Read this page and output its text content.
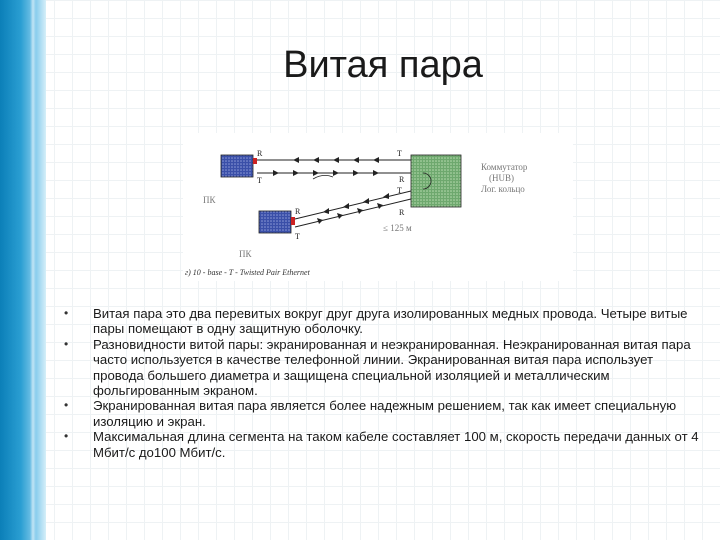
Витая пара
R
T
T
R
R
T
T
R
ПК
ПК
Коммутатор
(HUB)
Лог. кольцо
≤ 125 м
г) 10 - base - T - Twisted Pair Ethernet
• Витая пара это два перевитых вокруг друг друга изолированных медных провода. Четыре витые пары помещают в одну защитную оболочку.
• Разновидности витой пары: экранированная и неэкранированная. Неэкранированная витая пара часто используется в качестве телефонной линии. Экранированная витая пара использует провода большего диаметра и защищена специальной изоляцией и металлическим фольгированным экраном.
• Экранированная витая пара является более надежным решением, так как имеет специальную изоляцию и экран.
• Максимальная длина сегмента на таком кабеле составляет 100 м, скорость передачи данных от 4 Мбит/с до100 Мбит/с.
